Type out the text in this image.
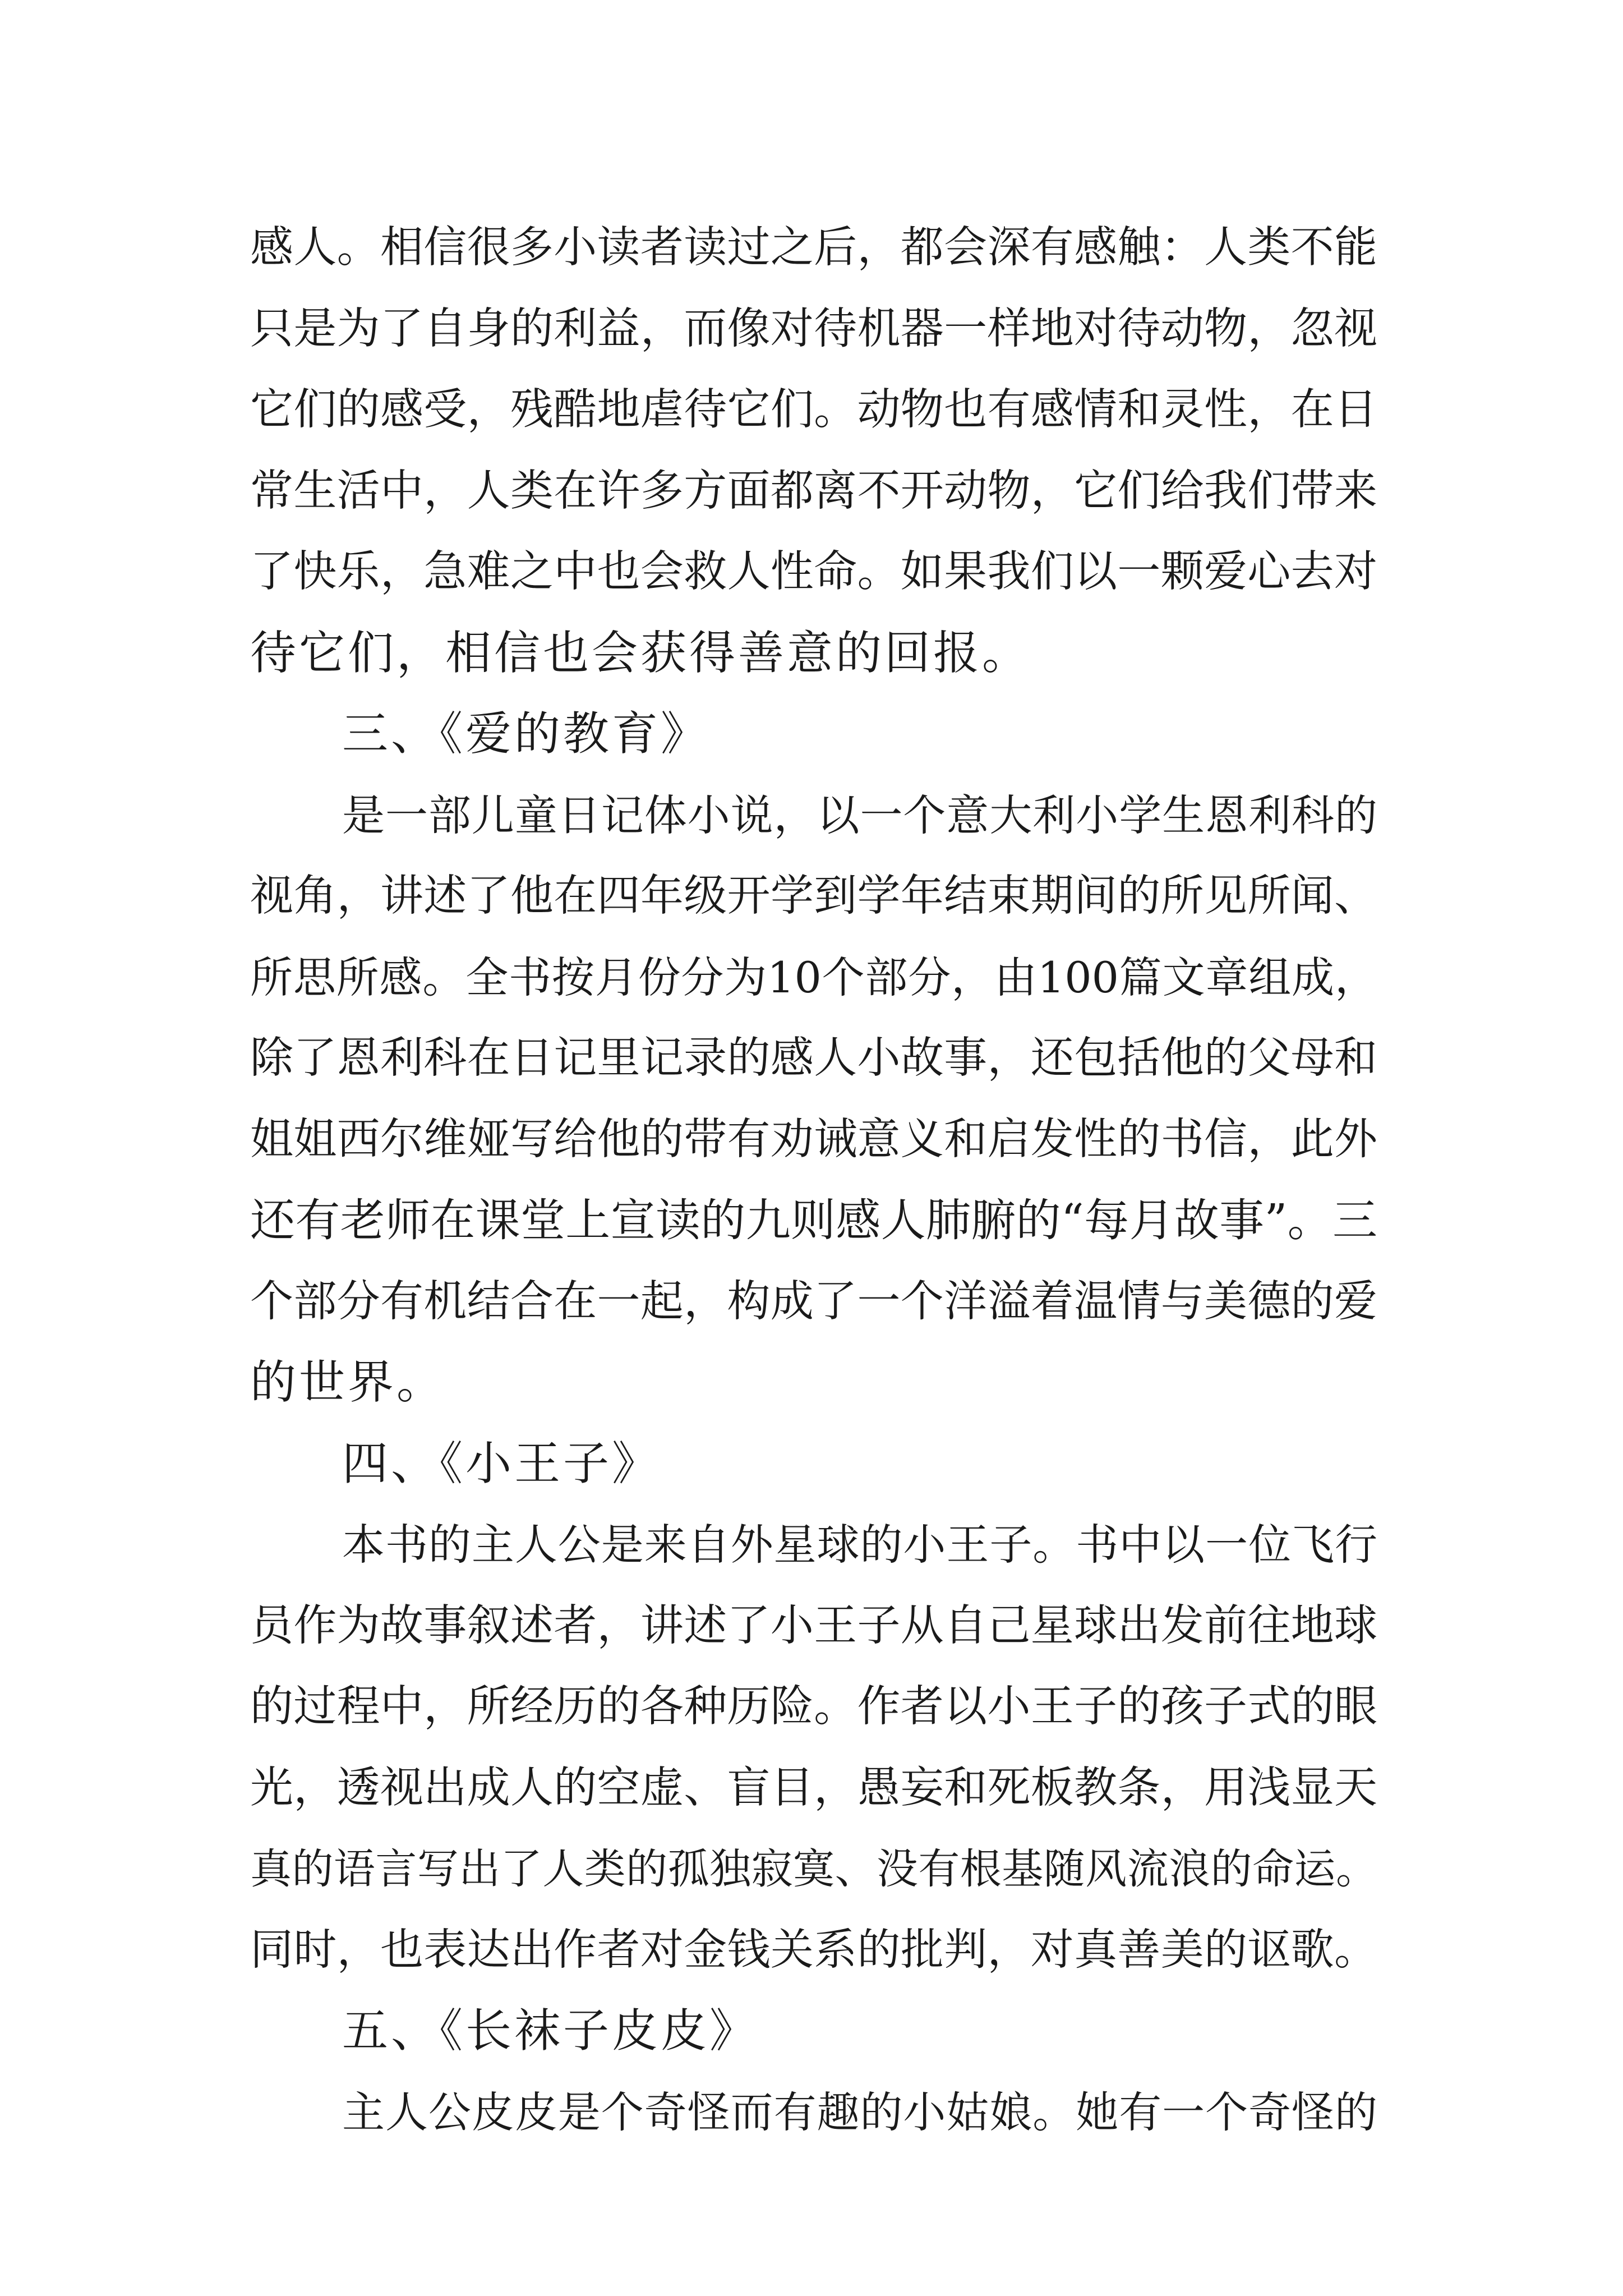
感人。相信很多小读者读过之后，都会深有感触：人类不能
只是为了自身的利益，而像对待机器一样地对待动物，忽视
它们的感受，残酷地虐待它们。动物也有感情和灵性，在日
常生活中，人类在许多方面都离不开动物，它们给我们带来
了快乐，急难之中也会救人性命。如果我们以一颗爱心去对
待它们，相信也会获得善意的回报。
三、《爱的教育》
是一部儿童日记体小说，以一个意大利小学生恩利科的
视角，讲述了他在四年级开学到学年结束期间的所见所闻、
所思所感。全书按月份分为10个部分，由100篇文章组成，
除了恩利科在日记里记录的感人小故事，还包括他的父母和
姐姐西尔维娅写给他的带有劝诫意义和启发性的书信，此外
还有老师在课堂上宣读的九则感人肺腑的“每月故事”。三
个部分有机结合在一起，构成了一个洋溢着温情与美德的爱
的世界。
四、《小王子》
本书的主人公是来自外星球的小王子。书中以一位飞行
员作为故事叙述者，讲述了小王子从自己星球出发前往地球
的过程中，所经历的各种历险。作者以小王子的孩子式的眼
光，透视出成人的空虚、盲目，愚妄和死板教条，用浅显天
真的语言写出了人类的孤独寂寞、没有根基随风流浪的命运。
同时，也表达出作者对金钱关系的批判，对真善美的讴歌。
五、《长袜子皮皮》
主人公皮皮是个奇怪而有趣的小姑娘。她有一个奇怪的
